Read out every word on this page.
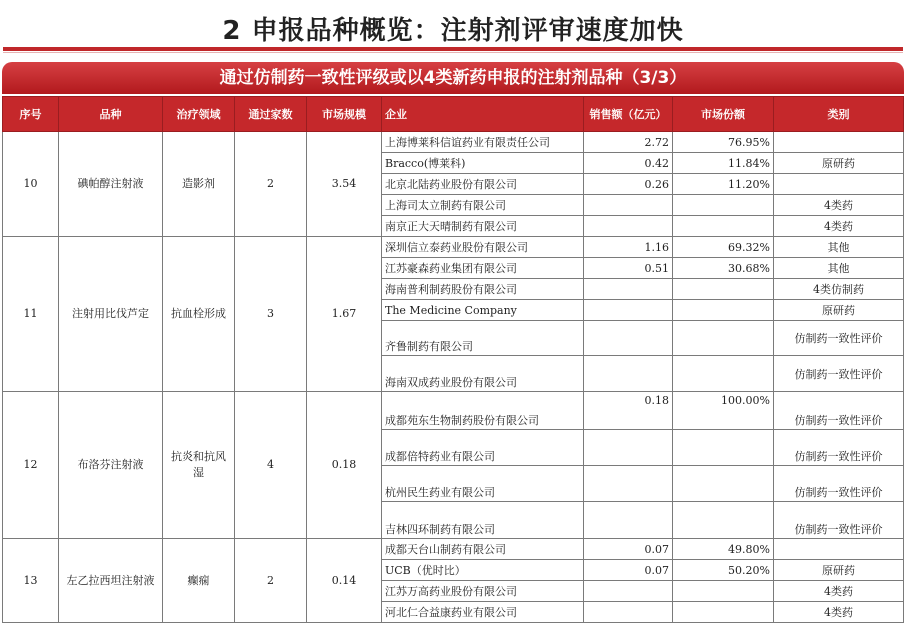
2 申报品种概览：注射剂评审速度加快
通过仿制药一致性评级或以4类新药申报的注射剂品种（3/3）
序号	品种	治疗领域	通过家数	市场规模	企业	销售额（亿元）	市场份额	类别
10	碘帕醇注射液	造影剂	2	3.54	上海博莱科信谊药业有限责任公司	2.72	76.95%	
					Bracco(博莱科)	0.42	11.84%	原研药
					北京北陆药业股份有限公司	0.26	11.20%	
					上海司太立制药有限公司			4类药
					南京正大天晴制药有限公司			4类药
11	注射用比伐芦定	抗血栓形成	3	1.67	深圳信立泰药业股份有限公司	1.16	69.32%	其他
					江苏豪森药业集团有限公司	0.51	30.68%	其他
					海南普利制药股份有限公司			4类仿制药
					The Medicine Company			原研药
					齐鲁制药有限公司			仿制药一致性评价
					海南双成药业股份有限公司			仿制药一致性评价
12	布洛芬注射液	抗炎和抗风湿	4	0.18	成都苑东生物制药股份有限公司	0.18	100.00%	仿制药一致性评价
					成都倍特药业有限公司			仿制药一致性评价
					杭州民生药业有限公司			仿制药一致性评价
					吉林四环制药有限公司			仿制药一致性评价
13	左乙拉西坦注射液	癫痫	2	0.14	成都天台山制药有限公司	0.07	49.80%	
					UCB（优时比）	0.07	50.20%	原研药
					江苏万高药业股份有限公司			4类药
					河北仁合益康药业有限公司			4类药
